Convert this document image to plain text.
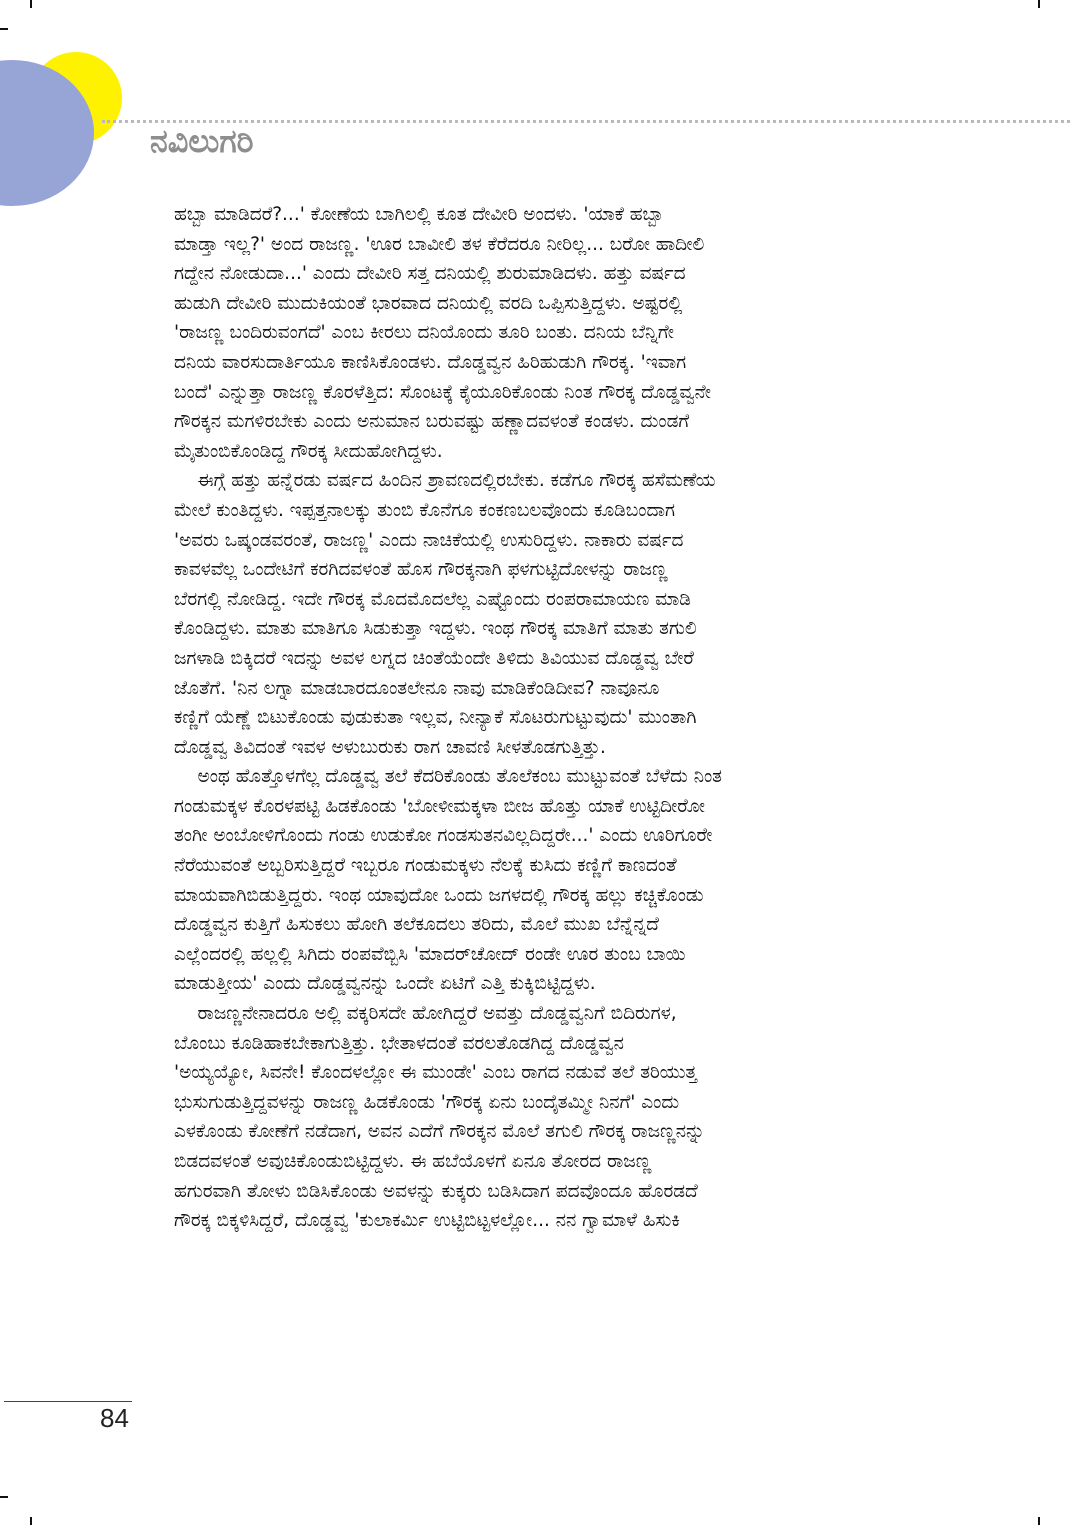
ನವಿಲುಗರಿ
ಹಬ್ಬಾ ಮಾಡಿದರೆ?...' ಕೋಣೆಯ ಬಾಗಿಲಲ್ಲಿ ಕೂತ ದೇವೀರಿ ಅಂದಳು. 'ಯಾಕೆ ಹಬ್ಬಾ
ಮಾಡ್ತಾ ಇಲ್ಲ?' ಅಂದ ರಾಜಣ್ಣ. 'ಊರ ಬಾವೀಲಿ ತಳ ಕೆರೆದರೂ ನೀರಿಲ್ಲ... ಬರೋ ಹಾದೀಲಿ
ಗದ್ದೇನ ನೋಡುದಾ...' ಎಂದು ದೇವೀರಿ ಸತ್ತ ದನಿಯಲ್ಲಿ ಶುರುಮಾಡಿದಳು. ಹತ್ತು ವರ್ಷದ
ಹುಡುಗಿ ದೇವೀರಿ ಮುದುಕಿಯಂತೆ ಭಾರವಾದ ದನಿಯಲ್ಲಿ ವರದಿ ಒಪ್ಪಿಸುತ್ತಿದ್ದಳು. ಅಷ್ಟರಲ್ಲಿ
'ರಾಜಣ್ಣ ಬಂದಿರುವಂಗದೆ' ಎಂಬ ಕೀರಲು ದನಿಯೊಂದು ತೂರಿ ಬಂತು. ದನಿಯ ಬೆನ್ನಿಗೇ
ದನಿಯ ವಾರಸುದಾರ್ತಿಯೂ ಕಾಣಿಸಿಕೊಂಡಳು. ದೊಡ್ಡವ್ವನ ಹಿರಿಹುಡುಗಿ ಗೌರಕ್ಕ. 'ಇವಾಗ
ಬಂದೆ' ಎನ್ನುತ್ತಾ ರಾಜಣ್ಣ ಕೊರಳೆತ್ತಿದ: ಸೊಂಟಕ್ಕೆ ಕೈಯೂರಿಕೊಂಡು ನಿಂತ ಗೌರಕ್ಕ ದೊಡ್ಡವ್ವನೇ
ಗೌರಕ್ಕನ ಮಗಳಿರಬೇಕು ಎಂದು ಅನುಮಾನ ಬರುವಷ್ಟು ಹಣ್ಣಾದವಳಂತೆ ಕಂಡಳು. ದುಂಡಗೆ
ಮೈತುಂಬಿಕೊಂಡಿದ್ದ ಗೌರಕ್ಕ ಸೀದುಹೋಗಿದ್ದಳು.
ಈಗ್ಗೆ ಹತ್ತು ಹನ್ನೆರಡು ವರ್ಷದ ಹಿಂದಿನ ಶ್ರಾವಣದಲ್ಲಿರಬೇಕು. ಕಡೆಗೂ ಗೌರಕ್ಕ ಹಸೆಮಣೆಯ
ಮೇಲೆ ಕುಂತಿದ್ದಳು. ಇಪ್ಪತ್ತನಾಲಕ್ಕು ತುಂಬಿ ಕೊನೆಗೂ ಕಂಕಣಬಲವೊಂದು ಕೂಡಿಬಂದಾಗ
'ಅವರು ಒಷ್ಕಂಡವರಂತೆ, ರಾಜಣ್ಣ' ಎಂದು ನಾಚಿಕೆಯಲ್ಲಿ ಉಸುರಿದ್ದಳು. ನಾಕಾರು ವರ್ಷದ
ಕಾವಳವೆಲ್ಲ ಒಂದೇಟಿಗೆ ಕರಗಿದವಳಂತೆ ಹೊಸ ಗೌರಕ್ಕನಾಗಿ ಫಳಗುಟ್ಟಿದೋಳನ್ನು ರಾಜಣ್ಣ
ಬೆರಗಲ್ಲಿ ನೋಡಿದ್ದ. ಇದೇ ಗೌರಕ್ಕ ಮೊದಮೊದಲೆಲ್ಲ ಎಷ್ಟೊಂದು ರಂಪರಾಮಾಯಣ ಮಾಡಿ
ಕೊಂಡಿದ್ದಳು. ಮಾತು ಮಾತಿಗೂ ಸಿಡುಕುತ್ತಾ ಇದ್ದಳು. ಇಂಥ ಗೌರಕ್ಕ ಮಾತಿಗೆ ಮಾತು ತಗುಲಿ
ಜಗಳಾಡಿ ಬಿಕ್ಕಿದರೆ ಇದನ್ನು ಅವಳ ಲಗ್ನದ ಚಿಂತೆಯೆಂದೇ ತಿಳಿದು ತಿವಿಯುವ ದೊಡ್ಡವ್ವ ಬೇರೆ
ಜೊತೆಗೆ. 'ನಿನ ಲಗ್ನಾ ಮಾಡಬಾರದೂಂತಲೇನೂ ನಾವು ಮಾಡಿಕೆಂಡಿದೀವ? ನಾವೂನೂ
ಕಣ್ಣಿಗೆ ಯೆಣ್ಣೆ ಬಿಟುಕೊಂಡು ವುಡುಕುತಾ ಇಲ್ಲವ, ನೀನ್ಯಾಕೆ ಸೊಟರುಗುಟ್ಟುವುದು' ಮುಂತಾಗಿ
ದೊಡ್ಡವ್ವ ತಿವಿದಂತೆ ಇವಳ ಅಳುಬುರುಕು ರಾಗ ಚಾವಣಿ ಸೀಳತೊಡಗುತ್ತಿತ್ತು.
ಅಂಥ ಹೊತ್ತೊಳಗೆಲ್ಲ ದೊಡ್ಡವ್ವ ತಲೆ ಕೆದರಿಕೊಂಡು ತೊಲೆಕಂಬ ಮುಟ್ಟುವಂತೆ ಬೆಳೆದು ನಿಂತ
ಗಂಡುಮಕ್ಕಳ ಕೊರಳಪಟ್ಟಿ ಹಿಡಕೊಂಡು 'ಬೋಳೀಮಕ್ಕಳಾ ಬೀಜ ಹೊತ್ತು ಯಾಕೆ ಉಟ್ಟಿದೀರೋ
ತಂಗೀ ಅಂಬೋಳಿಗೊಂದು ಗಂಡು ಉಡುಕೋ ಗಂಡಸುತನವಿಲ್ಲದಿದ್ದರೇ...' ಎಂದು ಊರಿಗೂರೇ
ನೆರೆಯುವಂತೆ ಅಬ್ಬರಿಸುತ್ತಿದ್ದರೆ ಇಬ್ಬರೂ ಗಂಡುಮಕ್ಕಳು ನೆಲಕ್ಕೆ ಕುಸಿದು ಕಣ್ಣಿಗೆ ಕಾಣದಂತೆ
ಮಾಯವಾಗಿಬಿಡುತ್ತಿದ್ದರು. ಇಂಥ ಯಾವುದೋ ಒಂದು ಜಗಳದಲ್ಲಿ ಗೌರಕ್ಕ ಹಲ್ಲು ಕಚ್ಚಿಕೊಂಡು
ದೊಡ್ಡವ್ವನ ಕುತ್ತಿಗೆ ಹಿಸುಕಲು ಹೋಗಿ ತಲೆಕೂದಲು ತರಿದು, ಮೊಲೆ ಮುಖ ಬೆನ್ನೆನ್ನದೆ
ಎಲ್ಲೆಂದರಲ್ಲಿ ಹಲ್ಲಲ್ಲಿ ಸಿಗಿದು ರಂಪವೆಬ್ಬಿಸಿ 'ಮಾದರ್‌ಚೋದ್ ರಂಡೇ ಊರ ತುಂಬ ಬಾಯಿ
ಮಾಡುತ್ತೀಯ' ಎಂದು ದೊಡ್ಡವ್ವನನ್ನು ಒಂದೇ ಏಟಿಗೆ ಎತ್ತಿ ಕುಕ್ಕಿಬಿಟ್ಟಿದ್ದಳು.
ರಾಜಣ್ಣನೇನಾದರೂ ಅಲ್ಲಿ ವಕ್ಕರಿಸದೇ ಹೋಗಿದ್ದರೆ ಅವತ್ತು ದೊಡ್ಡವ್ವನಿಗೆ ಬಿದಿರುಗಳ,
ಬೊಂಬು ಕೂಡಿಹಾಕಬೇಕಾಗುತ್ತಿತ್ತು. ಭೇತಾಳದಂತೆ ವರಲತೊಡಗಿದ್ದ ದೊಡ್ಡವ್ವನ
'ಅಯ್ಯಯ್ಯೋ, ಸಿವನೇ! ಕೊಂದಳಲ್ಲೋ ಈ ಮುಂಡೇ' ಎಂಬ ರಾಗದ ನಡುವೆ ತಲೆ ತರಿಯುತ್ತ
ಭುಸುಗುಡುತ್ತಿದ್ದವಳನ್ನು ರಾಜಣ್ಣ ಹಿಡಕೊಂಡು 'ಗೌರಕ್ಕ ಏನು ಬಂದೈತಮ್ಮೀ ನಿನಗೆ' ಎಂದು
ಎಳಕೊಂಡು ಕೋಣೆಗೆ ನಡೆದಾಗ, ಅವನ ಎದೆಗೆ ಗೌರಕ್ಕನ ಮೊಲೆ ತಗುಲಿ ಗೌರಕ್ಕ ರಾಜಣ್ಣನನ್ನು
ಬಿಡದವಳಂತೆ ಅವುಚಿಕೊಂಡುಬಿಟ್ಟಿದ್ದಳು. ಈ ಹಬೆಯೊಳಗೆ ಏನೂ ತೋರದ ರಾಜಣ್ಣ
ಹಗುರವಾಗಿ ತೋಳು ಬಿಡಿಸಿಕೊಂಡು ಅವಳನ್ನು ಕುಕ್ಕರು ಬಡಿಸಿದಾಗ ಪದವೊಂದೂ ಹೊರಡದೆ
ಗೌರಕ್ಕ ಬಿಕ್ಕಳಿಸಿದ್ದರೆ, ದೊಡ್ಡವ್ವ 'ಕುಲಾಕರ್ಮಿ ಉಟ್ಟಿಬಿಟ್ಟಳಲ್ಲೋ... ನನ ಗ್ವಾಮಾಳೆ ಹಿಸುಕಿ
84
